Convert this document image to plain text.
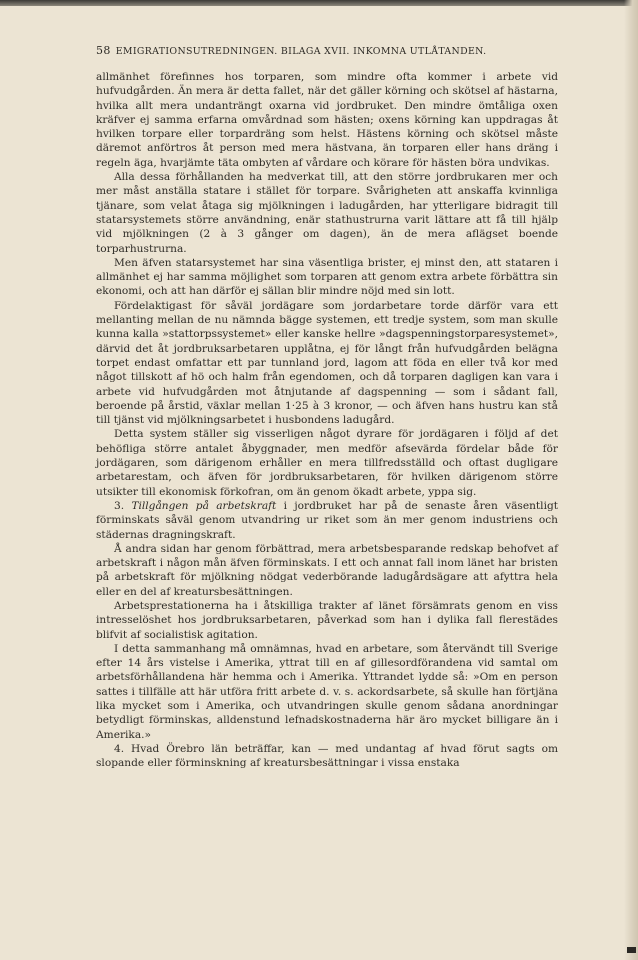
58 EMIGRATIONSUTREDNINGEN. BILAGA XVII. INKOMNA UTLÅTANDEN.

allmänhet förefinnes hos torparen, som mindre ofta kommer i arbete vid hufvudgården. Än mera är detta fallet, när det gäller körning och skötsel af hästarna, hvilka allt mera undanträngt oxarna vid jordbruket. Den mindre ömtåliga oxen kräfver ej samma erfarna omvårdnad som hästen; oxens körning kan uppdragas åt hvilken torpare eller torpardräng som helst. Hästens körning och skötsel måste däremot anförtros åt person med mera hästvana, än torparen eller hans dräng i regeln äga, hvarjämte täta ombyten af vårdare och körare för hästen böra undvikas.

Alla dessa förhållanden ha medverkat till, att den större jordbrukaren mer och mer måst anställa statare i stället för torpare. Svårigheten att anskaffa kvinnliga tjänare, som velat åtaga sig mjölkningen i ladugården, har ytterligare bidragit till statarsystemets större användning, enär stathustrurna varit lättare att få till hjälp vid mjölkningen (2 à 3 gånger om dagen), än de mera aflägset boende torparhustrurna.

Men äfven statarsystemet har sina väsentliga brister, ej minst den, att stataren i allmänhet ej har samma möjlighet som torparen att genom extra arbete förbättra sin ekonomi, och att han därför ej sällan blir mindre nöjd med sin lott.

Fördelaktigast för såväl jordägare som jordarbetare torde därför vara ett mellanting mellan de nu nämnda bägge systemen, ett tredje system, som man skulle kunna kalla »stattorpssystemet» eller kanske hellre »dagspenningstorparesystemet», därvid det åt jordbruksarbetaren upplåtna, ej för långt från hufvudgården belägna torpet endast omfattar ett par tunnland jord, lagom att föda en eller två kor med något tillskott af hö och halm från egendomen, och då torparen dagligen kan vara i arbete vid hufvudgården mot åtnjutande af dagspenning — som i sådant fall, beroende på årstid, växlar mellan 1·25 à 3 kronor, — och äfven hans hustru kan stå till tjänst vid mjölkningsarbetet i husbondens ladugård.

Detta system ställer sig visserligen något dyrare för jordägaren i följd af det behöfliga större antalet åbyggnader, men medför afsevärda fördelar både för jordägaren, som därigenom erhåller en mera tillfredsställd och oftast dugligare arbetarestam, och äfven för jordbruksarbetaren, för hvilken därigenom större utsikter till ekonomisk förkofran, om än genom ökadt arbete, yppa sig.

3. Tillgången på arbetskraft i jordbruket har på de senaste åren väsentligt förminskats såväl genom utvandring ur riket som än mer genom industriens och städernas dragningskraft.

Å andra sidan har genom förbättrad, mera arbetsbesparande redskap behofvet af arbetskraft i någon mån äfven förminskats. I ett och annat fall inom länet har bristen på arbetskraft för mjölkning nödgat vederbörande ladugårdsägare att afyttra hela eller en del af kreatursbesättningen.

Arbetsprestationerna ha i åtskilliga trakter af länet försämrats genom en viss intresselöshet hos jordbruksarbetaren, påverkad som han i dylika fall flerestädes blifvit af socialistisk agitation.

I detta sammanhang må omnämnas, hvad en arbetare, som återvändt till Sverige efter 14 års vistelse i Amerika, yttrat till en af gillesordförandena vid samtal om arbetsförhållandena här hemma och i Amerika. Yttrandet lydde så: »Om en person sattes i tillfälle att här utföra fritt arbete d. v. s. ackordsarbete, så skulle han förtjäna lika mycket som i Amerika, och utvandringen skulle genom sådana anordningar betydligt förminskas, alldenstund lefnadskostnaderna här äro mycket billigare än i Amerika.»

4. Hvad Örebro län beträffar, kan — med undantag af hvad förut sagts om slopande eller förminskning af kreatursbesättningar i vissa enstaka
